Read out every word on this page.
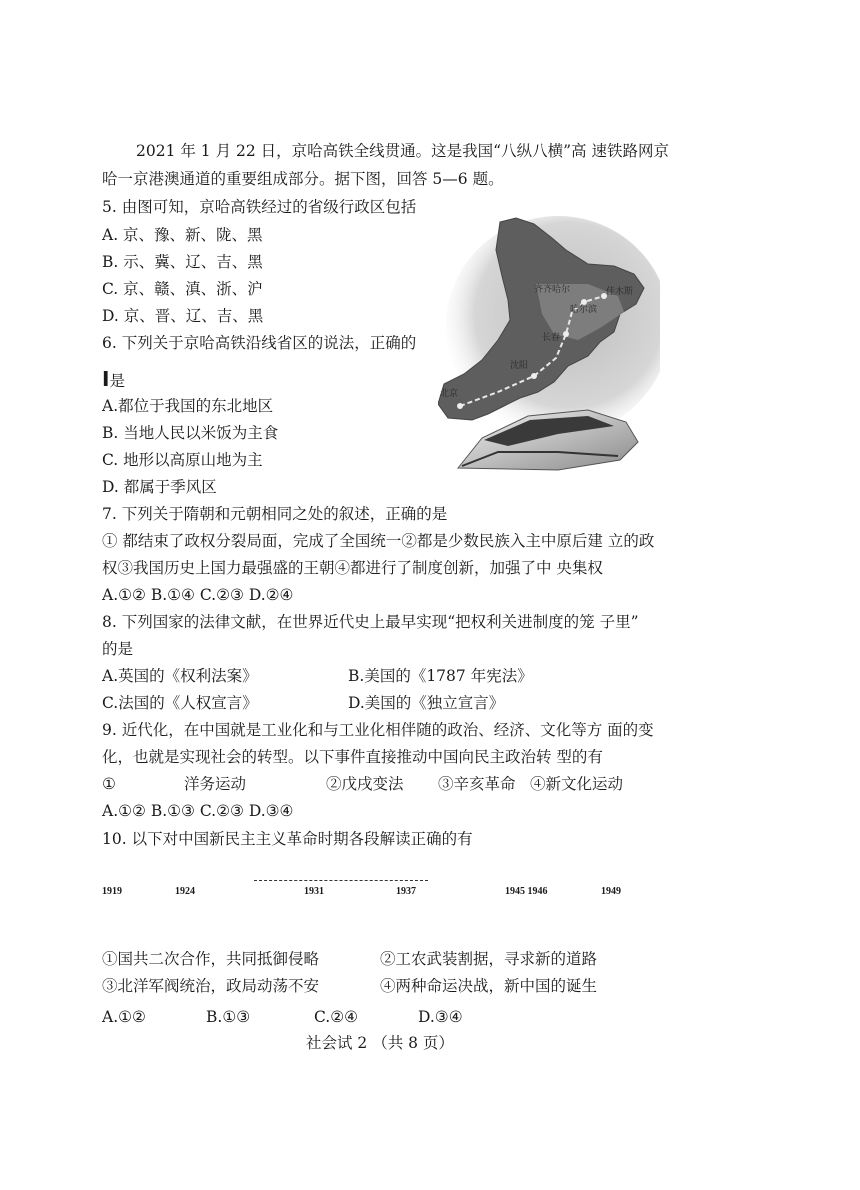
2021 年 1 月 22 日，京哈高铁全线贯通。这是我国“八纵八横”高 速铁路网京
哈一京港澳通道的重要组成部分。据下图，回答 5—6 题。
5. 由图可知，京哈高铁经过的省级行政区包括
A. 京、豫、新、陇、黑
B. 示、冀、辽、吉、黑
C. 京、赣、滇、浙、沪
D. 京、晋、辽、吉、黑
6. 下列关于京哈高铁沿线省区的说法，正确的
I是
A.都位于我国的东北地区
B. 当地人民以米饭为主食
C. 地形以高原山地为主
D. 都属于季风区
齐齐哈尔
哈尔滨
佳木斯
长春
沈阳
北京
7. 下列关于隋朝和元朝相同之处的叙述，正确的是
① 都结束了政权分裂局面，完成了全国统一②都是少数民族入主中原后建 立的政
权③我国历史上国力最强盛的王朝④都进行了制度创新，加强了中 央集权
A.①② B.①④ C.②③ D.②④
8. 下列国家的法律文献，在世界近代史上最早实现“把权利关进制度的笼 子里”
的是
A.英国的《权利法案》	B.美国的《1787 年宪法》
C.法国的《人权宣言》	D.美国的《独立宣言》
9. 近代化，在中国就是工业化和与工业化相伴随的政治、经济、文化等方 面的变
化，也就是实现社会的转型。以下事件直接推动中国向民主政治转 型的有
①	洋务运动	②戊戌变法 ③辛亥革命 ④新文化运动
A.①② B.①③ C.②③ D.③④
10. 以下对中国新民主主义革命时期各段解读正确的有
1919	1924	1931	1937	1945 1946	1949
①国共二次合作，共同抵御侵略	②工农武装割据，寻求新的道路
③北洋军阀统治，政局动荡不安	④两种命运决战，新中国的诞生
A.①②	B.①③	C.②④	D.③④
社会试 2 （共 8 页）
